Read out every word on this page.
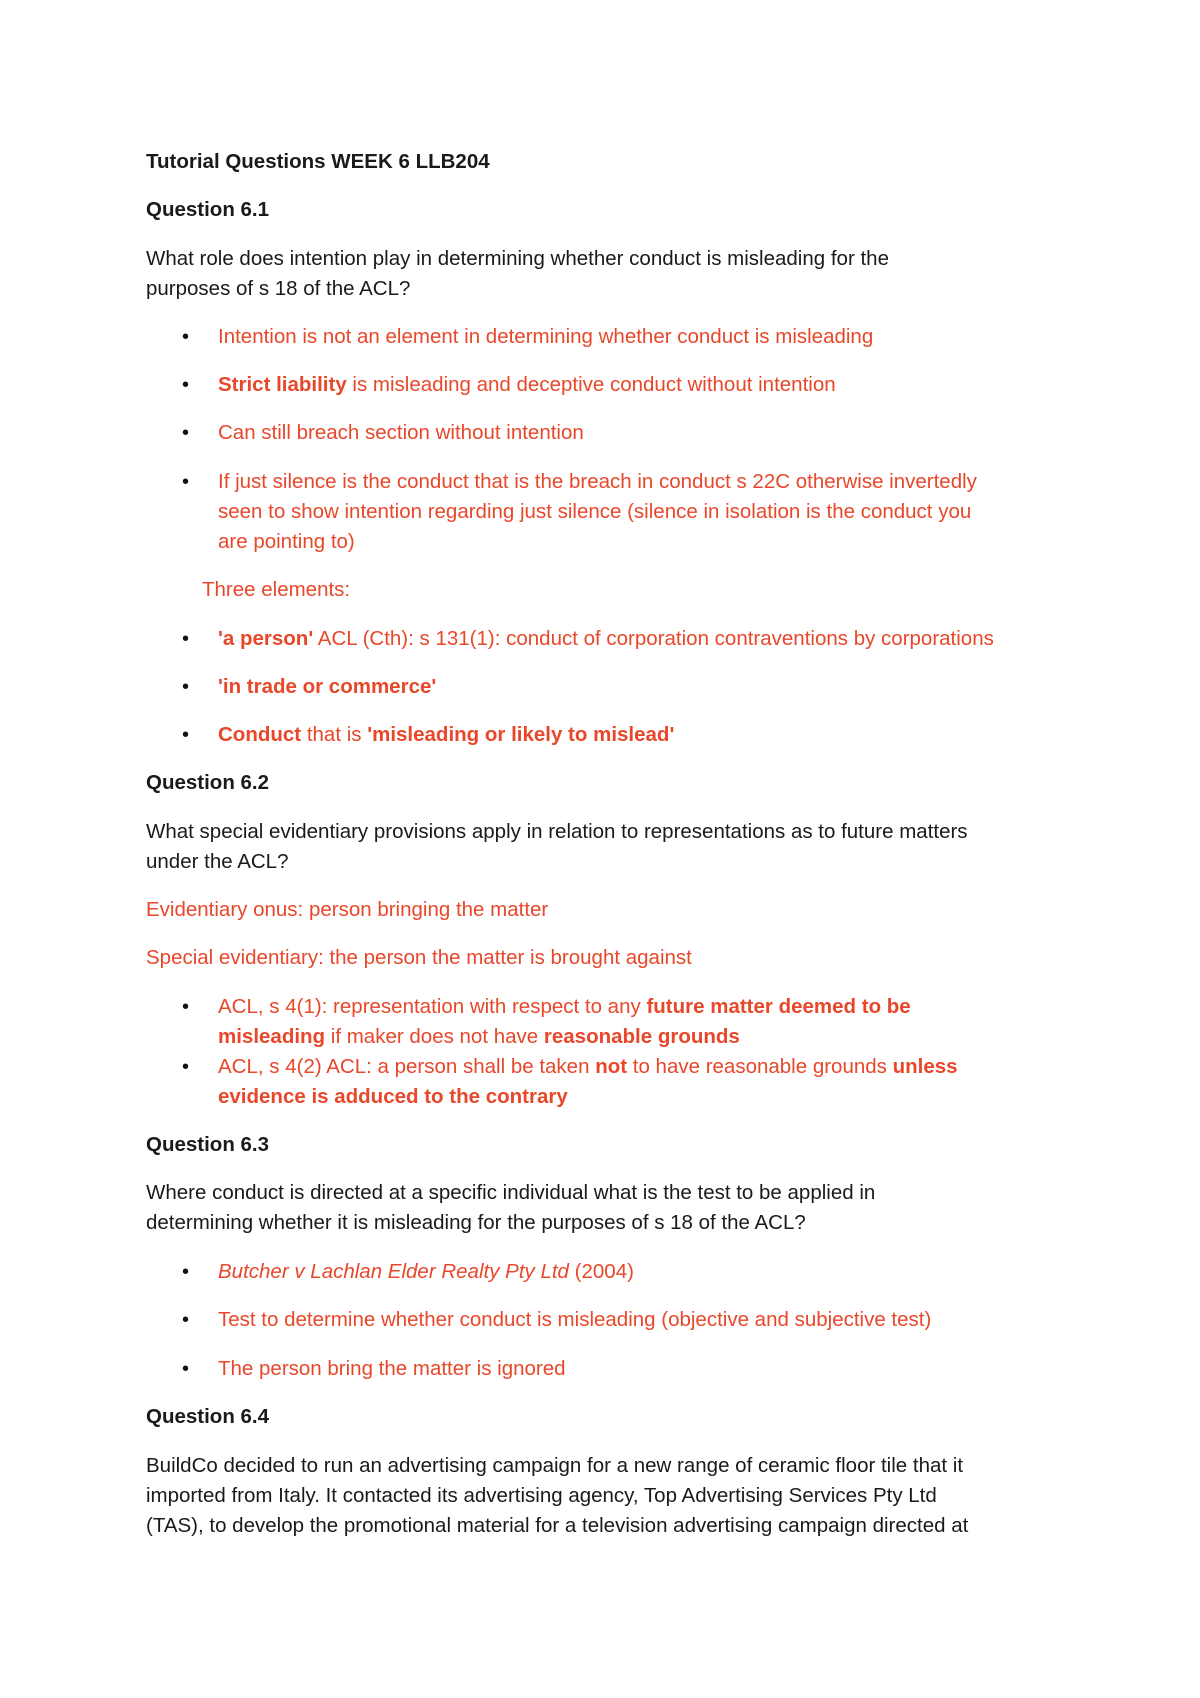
Tutorial Questions WEEK 6 LLB204
Question 6.1
What role does intention play in determining whether conduct is misleading for the
purposes of s 18 of the ACL?
• Intention is not an element in determining whether conduct is misleading
• Strict liability is misleading and deceptive conduct without intention
• Can still breach section without intention
• If just silence is the conduct that is the breach in conduct s 22C otherwise invertedly
seen to show intention regarding just silence (silence in isolation is the conduct you
are pointing to)
Three elements:
• 'a person' ACL (Cth): s 131(1): conduct of corporation contraventions by corporations
• 'in trade or commerce'
• Conduct that is 'misleading or likely to mislead'
Question 6.2
What special evidentiary provisions apply in relation to representations as to future matters
under the ACL?
Evidentiary onus: person bringing the matter
Special evidentiary: the person the matter is brought against
• ACL, s 4(1): representation with respect to any future matter deemed to be
misleading if maker does not have reasonable grounds
• ACL, s 4(2) ACL: a person shall be taken not to have reasonable grounds unless
evidence is adduced to the contrary
Question 6.3
Where conduct is directed at a specific individual what is the test to be applied in
determining whether it is misleading for the purposes of s 18 of the ACL?
• Butcher v Lachlan Elder Realty Pty Ltd (2004)
• Test to determine whether conduct is misleading (objective and subjective test)
• The person bring the matter is ignored
Question 6.4
BuildCo decided to run an advertising campaign for a new range of ceramic floor tile that it
imported from Italy. It contacted its advertising agency, Top Advertising Services Pty Ltd
(TAS), to develop the promotional material for a television advertising campaign directed at
